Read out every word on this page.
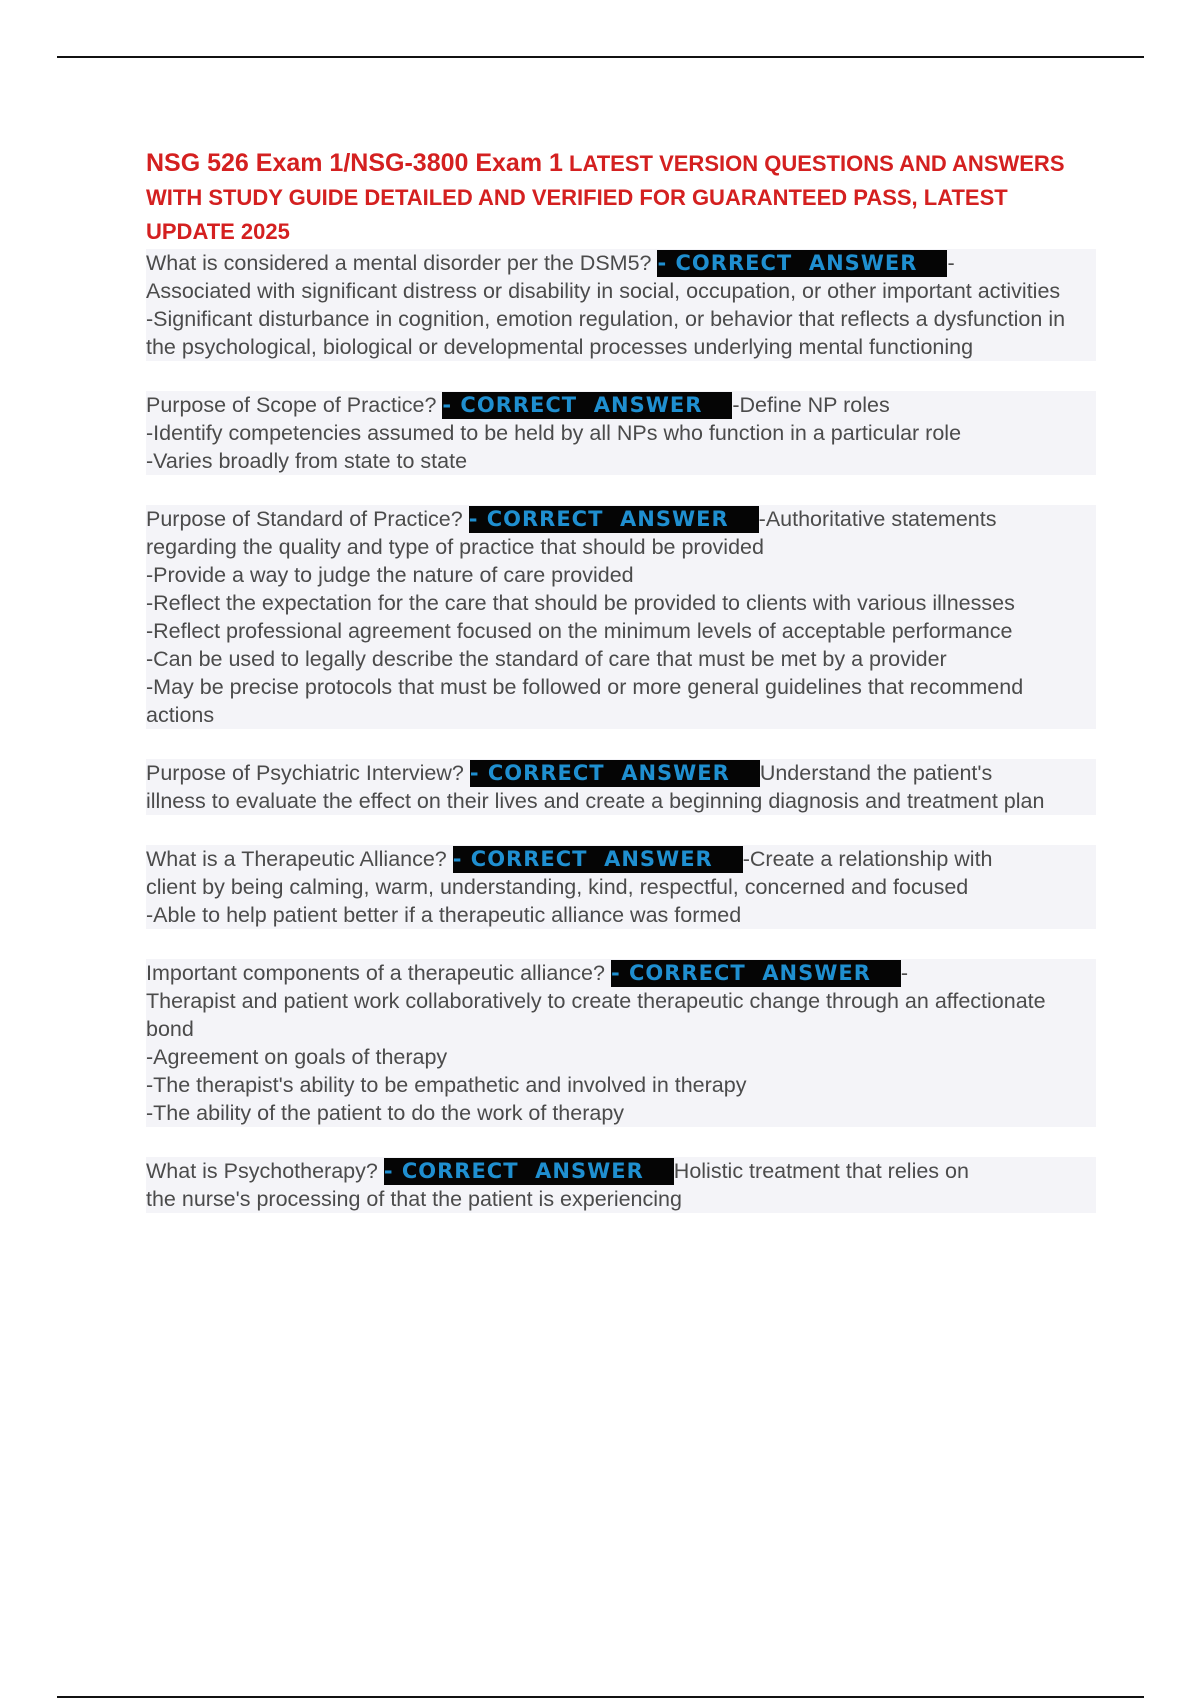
NSG 526 Exam 1/NSG-3800 Exam 1 LATEST VERSION QUESTIONS AND ANSWERS WITH STUDY GUIDE DETAILED AND VERIFIED FOR GUARANTEED PASS, LATEST UPDATE 2025

What is considered a mental disorder per the DSM5? - CORRECT  ANSWER -
Associated with significant distress or disability in social, occupation, or other important activities
-Significant disturbance in cognition, emotion regulation, or behavior that reflects a dysfunction in the psychological, biological or developmental processes underlying mental functioning
Purpose of Scope of Practice? - CORRECT  ANSWER -Define NP roles
-Identify competencies assumed to be held by all NPs who function in a particular role
-Varies broadly from state to state
Purpose of Standard of Practice? - CORRECT  ANSWER -Authoritative statements
regarding the quality and type of practice that should be provided
-Provide a way to judge the nature of care provided
-Reflect the expectation for the care that should be provided to clients with various illnesses
-Reflect professional agreement focused on the minimum levels of acceptable performance
-Can be used to legally describe the standard of care that must be met by a provider
-May be precise protocols that must be followed or more general guidelines that recommend actions
Purpose of Psychiatric Interview? - CORRECT  ANSWER Understand the patient's
illness to evaluate the effect on their lives and create a beginning diagnosis and treatment plan
What is a Therapeutic Alliance? - CORRECT  ANSWER -Create a relationship with
client by being calming, warm, understanding, kind, respectful, concerned and focused
-Able to help patient better if a therapeutic alliance was formed
Important components of a therapeutic alliance? - CORRECT  ANSWER -
Therapist and patient work collaboratively to create therapeutic change through an affectionate bond
-Agreement on goals of therapy
-The therapist's ability to be empathetic and involved in therapy
-The ability of the patient to do the work of therapy
What is Psychotherapy? - CORRECT  ANSWER Holistic treatment that relies on
the nurse's processing of that the patient is experiencing
